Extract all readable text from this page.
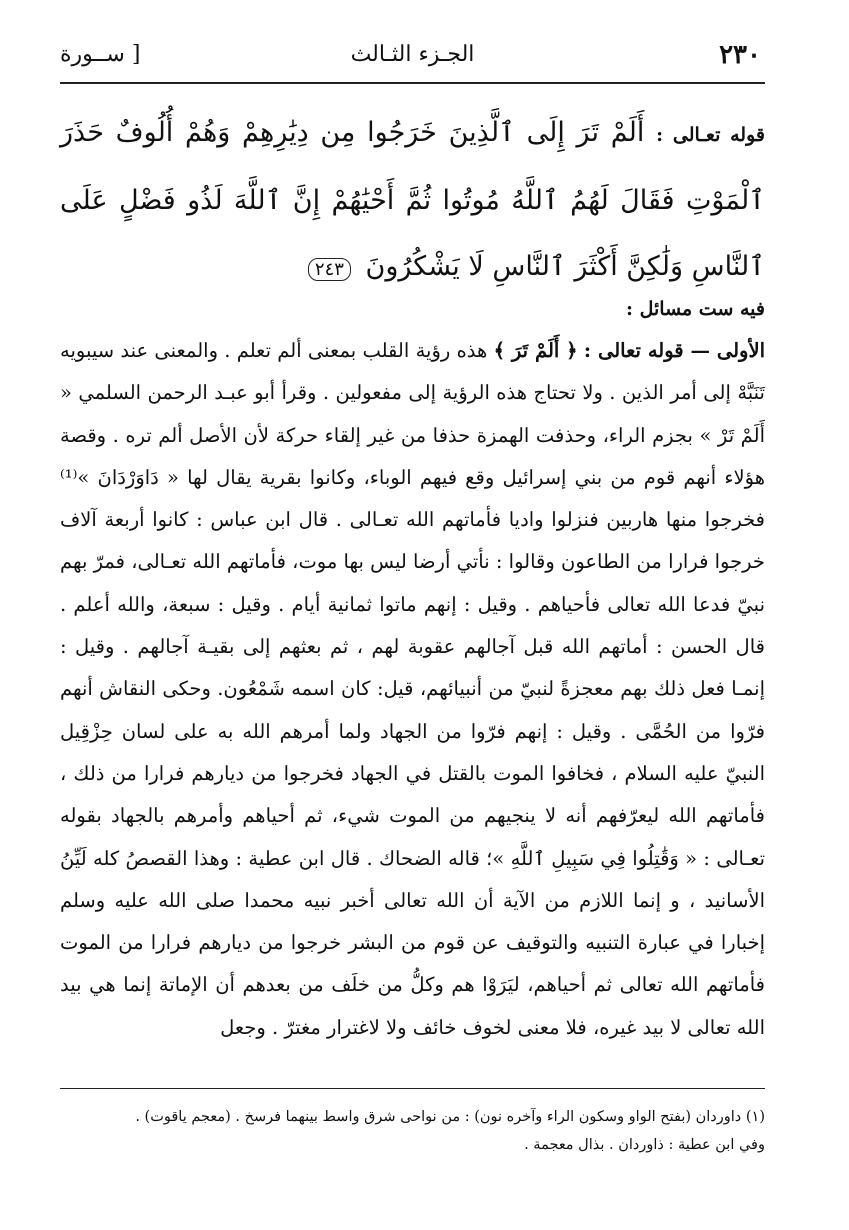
٢٣٠
الجـزء الثـالث
[ ســورة
قوله تعـالى : أَلَمْ تَرَ إِلَى ٱلَّذِينَ خَرَجُوا مِن دِيَٰرِهِمْ وَهُمْ أُلُوفٌ حَذَرَ ٱلْمَوْتِ فَقَالَ لَهُمُ ٱللَّهُ مُوتُوا ثُمَّ أَحْيَٰهُمْ إِنَّ ٱللَّهَ لَذُو فَضْلٍ عَلَى ٱلنَّاسِ وَلَٰكِنَّ أَكْثَرَ ٱلنَّاسِ لَا يَشْكُرُونَ ٢٤٣
فيه ست مسائل :
الأولى — قوله تعالى : ﴿ أَلَمْ تَرَ ﴾ هذه رؤية القلب بمعنى ألم تعلم . والمعنى عند سيبويه تَنَبَّهْ إلى أمر الذين . ولا تحتاج هذه الرؤية إلى مفعولين . وقرأ أبو عبـد الرحمن السلمي « أَلَمْ تَرْ » بجزم الراء، وحذفت الهمزة حذفا من غير إلقاء حركة لأن الأصل ألم تره . وقصة هؤلاء أنهم قوم من بني إسرائيل وقع فيهم الوباء، وكانوا بقرية يقال لها « دَاوَرْدَانَ »⁽¹⁾ فخرجوا منها هاربين فنزلوا واديا فأماتهم الله تعـالى . قال ابن عباس : كانوا أربعة آلاف خرجوا فرارا من الطاعون وقالوا : نأتي أرضا ليس بها موت، فأماتهم الله تعـالى، فمرّ بهم نبيّ فدعا الله تعالى فأحياهم . وقيل : إنهم ماتوا ثمانية أيام . وقيل : سبعة، والله أعلم . قال الحسن : أماتهم الله قبل آجالهم عقوبة لهم ، ثم بعثهم إلى بقيـة آجالهم . وقيل : إنمـا فعل ذلك بهم معجزةً لنبيّ من أنبيائهم، قيل: كان اسمه شَمْعُون. وحكى النقاش أنهم فرّوا من الحُمَّى . وقيل : إنهم فرّوا من الجهاد ولما أمرهم الله به على لسان حِزْقِيل النبيّ عليه السلام ، فخافوا الموت بالقتل في الجهاد فخرجوا من ديارهم فرارا من ذلك ، فأماتهم الله ليعرّفهم أنه لا ينجيهم من الموت شيء، ثم أحياهم وأمرهم بالجهاد بقوله تعـالى : « وَقَٰتِلُوا فِي سَبِيلِ ٱللَّهِ »؛ قاله الضحاك . قال ابن عطية : وهذا القصصُ كله لَيِّنُ الأسانيد ، و إنما اللازم من الآية أن الله تعالى أخبر نبيه محمدا صلى الله عليه وسلم إخبارا في عبارة التنبيه والتوقيف عن قوم من البشر خرجوا من ديارهم فرارا من الموت فأماتهم الله تعالى ثم أحياهم، ليَرَوْا هم وكلُّ من خلَف من بعدهم أن الإماتة إنما هي بيد الله تعالى لا بيد غيره، فلا معنى لخوف خائف ولا لاغترار مغترّ . وجعل
(١) داوردان (بفتح الواو وسكون الراء وآخره نون) : من نواحى شرق واسط بينهما فرسخ . (معجم ياقوت) .
وفي ابن عطية : ذاوردان . بذال معجمة .
